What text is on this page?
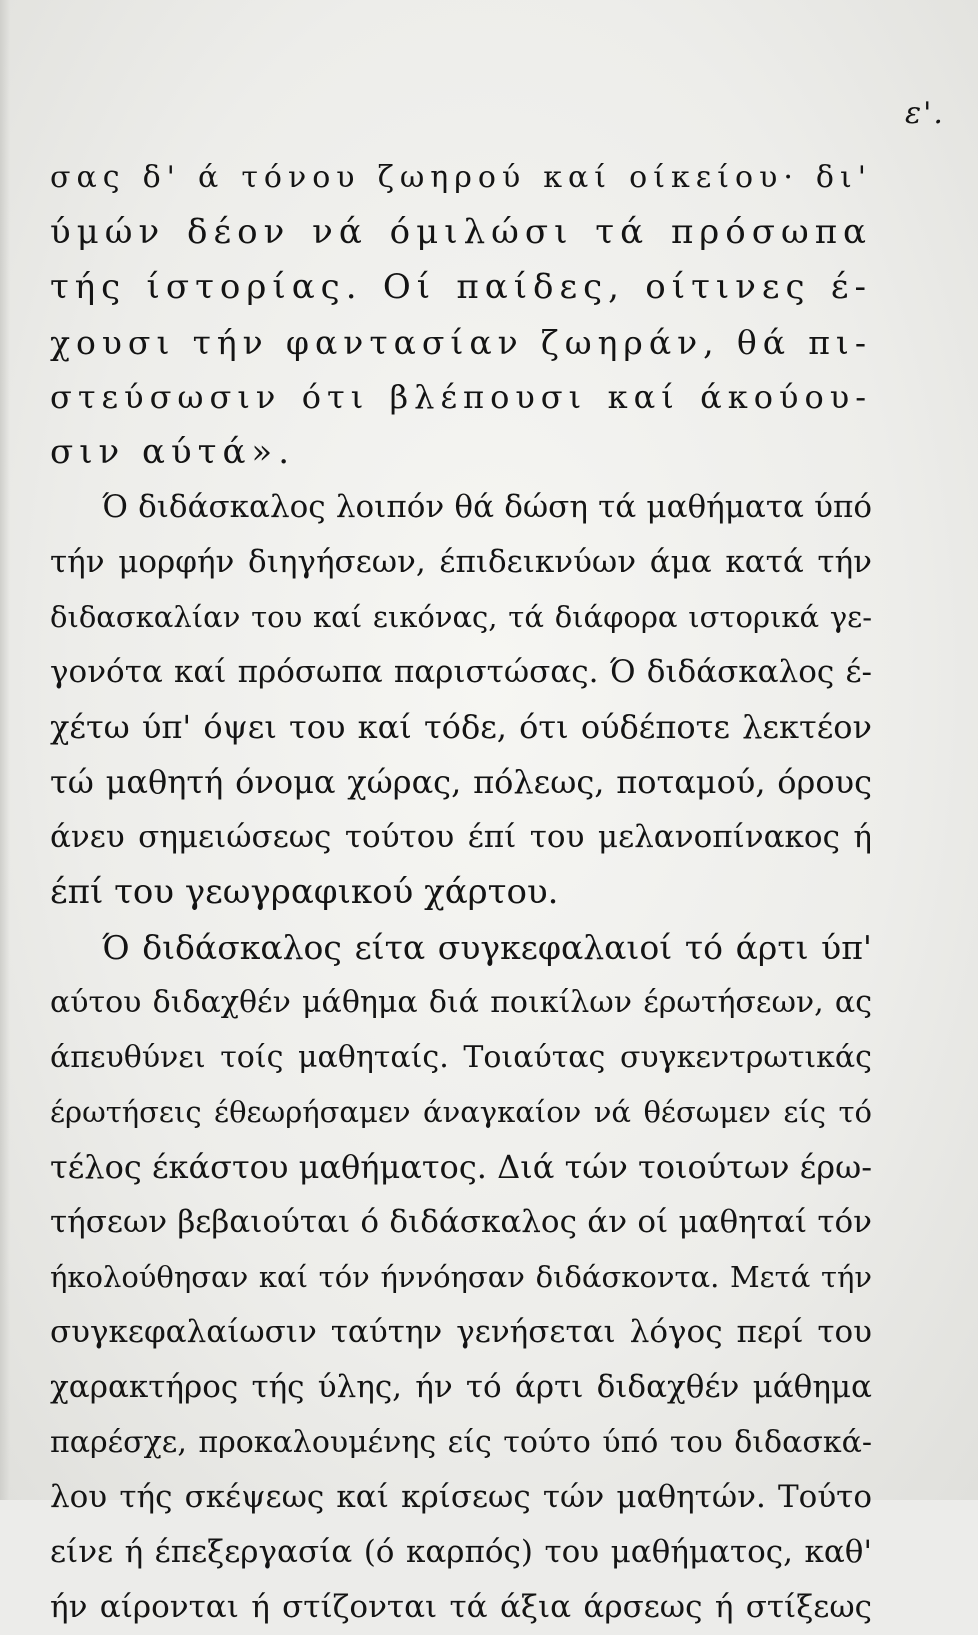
ε'.
σας δ' ά τόνου ζωηρού καί οίκείου· δι'
ύμών δέον νά όμιλώσι τά πρόσωπα
τής ίστορίας. Οί παίδες, οίτινες έ-
χουσι τήν φαντασίαν ζωηράν, θά πι-
στεύσωσιν ότι βλέπουσι καί άκούου-
σιν αύτά».
Ό διδάσκαλος λοιπόν θά δώση τά μαθήματα ύπό
τήν μορφήν διηγήσεων, έπιδεικνύων άμα κατά τήν
διδασκαλίαν του καί εικόνας, τά διάφορα ιστορικά γε-
γονότα καί πρόσωπα παριστώσας. Ό διδάσκαλος έ-
χέτω ύπ' όψει του καί τόδε, ότι ούδέποτε λεκτέον
τώ μαθητή όνομα χώρας, πόλεως, ποταμού, όρους
άνευ σημειώσεως τούτου έπί του μελανοπίνακος ή
έπί του γεωγραφικού χάρτου.
Ό διδάσκαλος είτα συγκεφαλαιοί τό άρτι ύπ'
αύτου διδαχθέν μάθημα διά ποικίλων έρωτήσεων, ας
άπευθύνει τοίς μαθηταίς. Τοιαύτας συγκεντρωτικάς
έρωτήσεις έθεωρήσαμεν άναγκαίον νά θέσωμεν είς τό
τέλος έκάστου μαθήματος. Διά τών τοιούτων έρω-
τήσεων βεβαιούται ό διδάσκαλος άν οί μαθηταί τόν
ήκολούθησαν καί τόν ήννόησαν διδάσκοντα. Μετά τήν
συγκεφαλαίωσιν ταύτην γενήσεται λόγος περί του
χαρακτήρος τής ύλης, ήν τό άρτι διδαχθέν μάθημα
παρέσχε, προκαλουμένης είς τούτο ύπό του διδασκά-
λου τής σκέψεως καί κρίσεως τών μαθητών. Τούτο
είνε ή έπεξεργασία (ό καρπός) του μαθήματος, καθ'
ήν αίρονται ή στίζονται τά άξια άρσεως ή στίξεως
